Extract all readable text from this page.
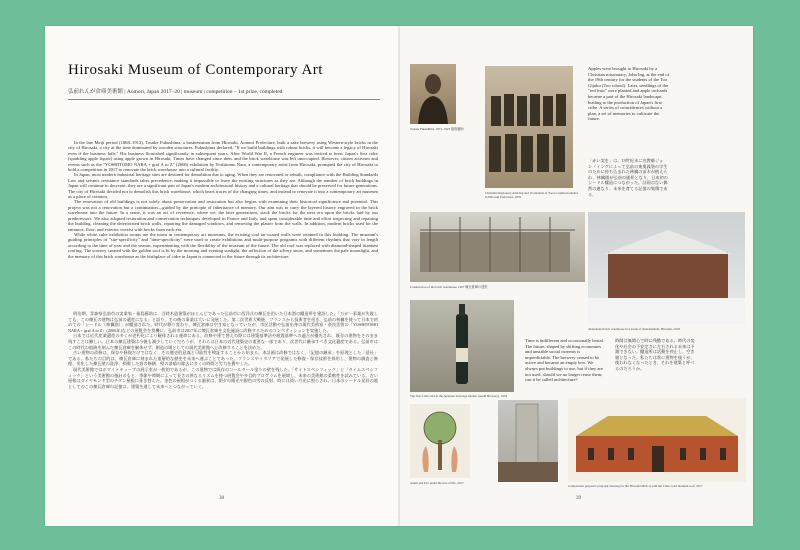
Hirosaki Museum of Contemporary Art
弘前れんが倉庫美術館 | Aomori, Japan 2017–20 | museum | competition – 1st prize, completed

In the late Meiji period (1868–1912), Tosuke Fukushima, a businessman from Hirosaki, Aomori Prefecture, built a sake brewery using Western-style bricks in the city of Hirosaki, a city at the time dominated by wooden structures. Fukushima declared, "If we build buildings with robust bricks, it will become a legacy of Hirosaki even if the business fails." His business flourished significantly in subsequent years. After World War II, a French engineer was invited to brew Japan's first cidre (sparkling apple liquor) using apple grown in Hirosaki. Times have changed since then, and the brick warehouse was left unoccupied. However, citizen activism and events such as the "YOSHITOMO NARA + graf A to Z" (2006) exhibition by Yoshitomo Nara, a contemporary artist from Hirosaki, prompted the city of Hirosaki to hold a competition in 2017 to renovate the brick warehouse into a cultural facility.

In Japan, most modern industrial heritage sites are destined for demolition due to aging. When they are renovated or rebuilt, compliance with the Building Standards Law and seismic resistance standards takes precedence, making it impossible to leave the existing structures as they are. Although the number of brick buildings in Japan will continue to decrease, they are a significant part of Japan's modern architectural history and a cultural heritage that should be preserved for future generations. The city of Hirosaki decided not to demolish this brick warehouse, which bears traces of the changing times, and instead to renovate it into a contemporary art museum as a place of creation.

The renovation of old buildings is not solely about preservation and restoration but also begins with examining their historical significance and potential. This project was not a renovation but a continuation—guided by the principle of inheritance of memory. Our aim was to carry the layered history engraved in the brick warehouse into the future. In a sense, it was an act of reverence, where we, the later generations, stack the bricks for the next era upon the bricks laid by our predecessors. We also adopted restoration and conservation techniques developed in France and Italy, and spent considerable time and effort inspecting and repairing the building, cleaning the deteriorated brick walls, repairing the damaged windows, and removing the plaster from the walls. In addition, modern bricks used for the entrance, floor, and exterior coexist with bricks from each era.

While white cube exhibition rooms are the norm in contemporary art museums, the existing coal tar-coated walls were retained in this building. The museum's guiding principles of "site-specificity" and "time-specificity" were used to create exhibitions and multi-purpose programs with different rhythms that vary in length according to the time of year and the season, experimenting with the flexibility of the museum of the future. The old roof was replaced with diamond-shaped titanium roofing. The scenery created with the golden roof is lit by the morning and evening sunlight, the reflection of the silvery snow, and sometimes the pale moonlight, and the memory of this brick warehouse as the birthplace of cidre in Japan is connected to the future through its architecture.

明治期、青森県弘前市の実業家・福島藤助は、当時木造建築がほとんどであった弘前市に西洋式の煉瓦を用いた日本酒の醸造所を建設した。「万が一事業が失敗しても、この煉瓦の建物は弘前の遺産になる」と語り、その後の事業は大いに発展した。第二次世界大戦後、フランスから技術者を招き、弘前の林檎を使って日本で初めての「シードル（林檎酒）」が醸造された。時代が移り変わり、煉瓦倉庫は空き家となっていたが、市民活動や弘前出身の現代美術家・奈良美智の「YOSHITOMO NARA + graf A to Z」(2006年)などの展覧会を契機に、弘前市は2017年に煉瓦倉庫を文化施設に改修するためのコンペティションを実施した。

日本では近代産業遺産の多くが老朽化により解体される運命にある。改修や建て替えの際には建築基準法や耐震基準への適合が優先され、既存の建物をそのまま残すことは難しい。日本の煉瓦建築は今後も減少していくだろうが、それらは日本の近代建築史の重要な一部であり、次世代に継承すべき文化遺産である。弘前市はこの時代の痕跡を刻んだ煉瓦倉庫を解体せず、創造の場としての現代美術館へと改修することを決めた。

古い建物の改修は、保存や修復だけではなく、その歴史的意義と可能性を検証することから始まる。本計画は改修ではなく、「記憶の継承」を原理とした「延長」である。私たちの目的は、煉瓦倉庫に刻まれた重層的な歴史を未来へ運ぶことであった。フランスやイタリアで発展した修復・保存技術を採用し、建物の調査と修理、劣化した煉瓦壁の洗浄、損傷した窓の修繕、壁の漆喰の除去に多くの時間と労力を費やした。

現代美術館ではホワイトキューブの展示室が一般的であるが、この建物では既存のコールタール塗りの壁を残した。「サイトスペシフィック」と「タイムスペシフィック」という美術館の指針のもと、季節や時期によって長さの異なるリズムを持つ展覧会や多目的プログラムを展開し、未来の美術館の柔軟性を試みている。古い屋根はダイヤモンド型のチタン屋根に葺き替えた。金色の屋根がつくる風景は、朝夕の陽光や銀色の雪の反射、時には淡い月光に照らされ、日本のシードル発祥の地としてのこの煉瓦倉庫の記憶は、建築を通して未来へとつながっていく。

38
Tosuke Fukushima, 1871–1923 福島藤助
Christian missionary John Ing and 16 students of Toowa Gijuku founded in Hirosaki Prefecture, 1876
Apples were brought to Hirosaki by a Christian missionary, John Ing, at the end of the 19th century for the students of the Too Gijuku (Too school). Later, seedlings of the "red fruit" were planted and apple orchards became a part of the Hirosaki landscape, leading to the production of Japan's first cidre. A series of coincidences without a plan, a set of memories to cultivate the future.
「赤い実を」は、19世紀末に宣教師ジョン・イングによって弘前の東奥義塾の学生のために持ち込まれた林檎の苗木が植えられ、林檎園が弘前の風景となり、日本初のシードル醸造につながった。計画のない偶然の連なり、未来を育てる記憶の集積である。
Construction of the brick warehouse, 1907 煉瓦倉庫の建設
Abandoned brick warehouse in a scene of abandonment, Hirosaki, 2018
The first Cidre sold in the Japanese beverage market (Asahi Brewery), 1954
Time is indifferent and occasionally brutal. The future, shaped by shifting economies and unstable social currents is unpredictable. The brewery ceased to be active and became an empty box. We always put buildings to use, but if they are not used, should we no longer reuse them, can it be called architecture?
時間は無関心で時に残酷である。時代の変化や社会の不安定さに左右される未来は予測できない。醸造所は活動を停止し、空き箱となった。私たちは常に建物を使うが、使われなくなったとき、それを建築と呼べるのだろうか。
Adam and Eve under the tree of life, 2017
Competition proposal: proposal drawing for the Hirosaki MOCA with the Cidre Gold titanium roof, 2017
39
